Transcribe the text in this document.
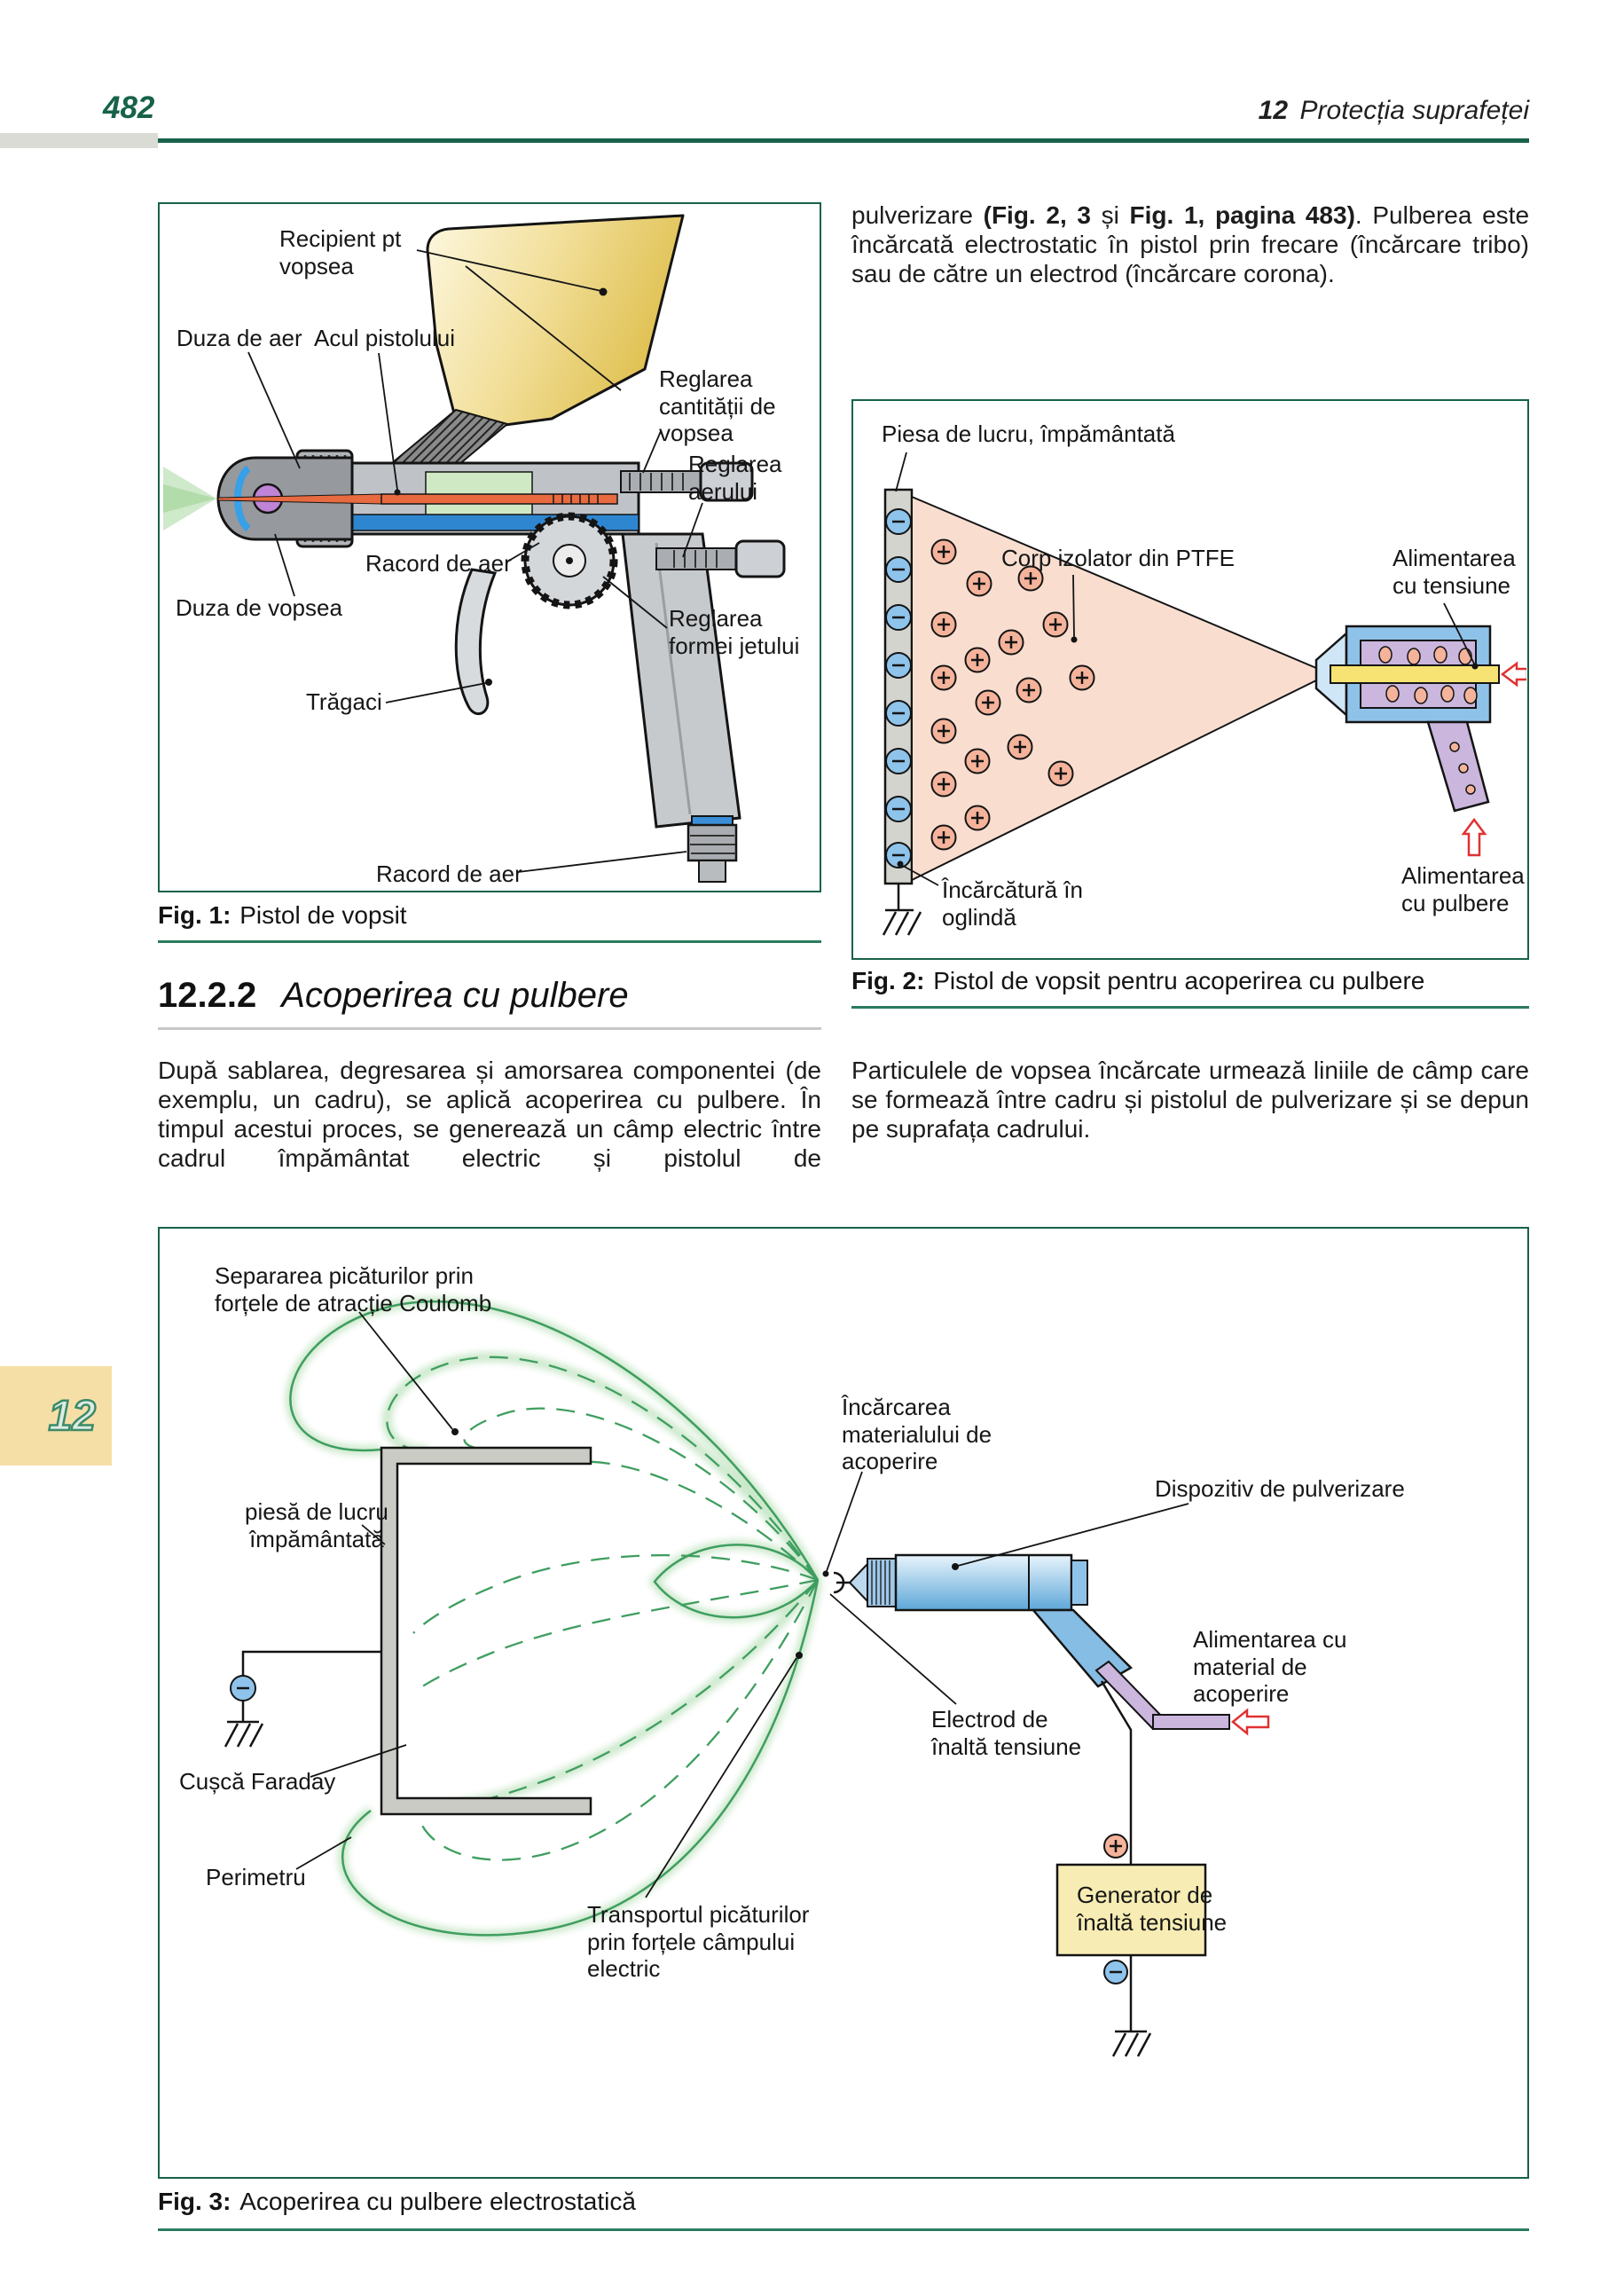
482	12 Protecția suprafeței
12
Recipient pt
vopsea
Duza de aer Acul pistolului
Reglarea
cantității de
vopsea
Reglarea
aerului
Racord de aer
Duza de vopsea	Reglarea
formei jetului
Trăgaci
Racord de aer
Fig. 1: Pistol de vopsit
pulverizare (Fig. 2, 3 și Fig. 1, pagina 483). Pulberea este încărcată electrostatic în pistol prin frecare (încărcare tribo) sau de către un electrod (încărcare corona).
Piesa de lucru, împământată
Corp izolator din PTFE	Alimentarea
cu tensiune
Încărcătură în
oglindă
Alimentarea
cu pulbere
Fig. 2: Pistol de vopsit pentru acoperirea cu pulbere
12.2.2 Acoperirea cu pulbere
După sablarea, degresarea și amorsarea componentei (de exemplu, un cadru), se aplică acoperirea cu pulbere. În timpul acestui proces, se generează un câmp electric între cadrul împământat electric și pistolul de
Particulele de vopsea încărcate urmează liniile de câmp care se formează între cadru și pistolul de pulverizare și se depun pe suprafața cadrului.
Separarea picăturilor prin
forțele de atracție Coulomb
Încărcarea
materialului de
acoperire
Dispozitiv de pulverizare
piesă de lucru
împământată
Alimentarea cu
material de
acoperire
Cușcă Faraday
Electrod de
înaltă tensiune
Perimetru
Transportul picăturilor
prin forțele câmpului
electric
Generator de
înaltă tensiune
Fig. 3: Acoperirea cu pulbere electrostatică
